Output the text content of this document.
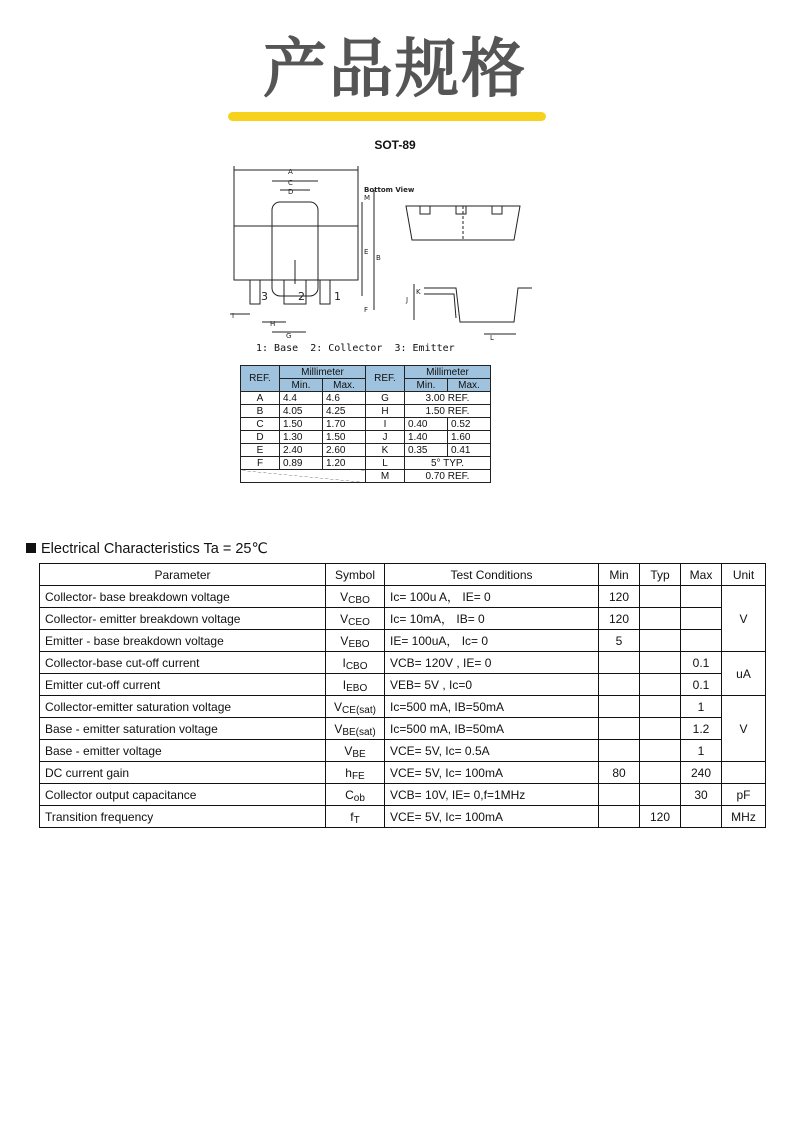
产品规格
SOT-89
A
C
D
B
E
M
F
G
H
I
J
K
L
Bottom View
3	2	1
1: Base 2: Collector 3: Emitter
REF.	Millimeter		REF.	Millimeter	
	Min.	Max.		Min.	Max.
A	4.4	4.6	G	3.00 REF.	
B	4.05	4.25	H	1.50 REF.	
C	1.50	1.70	I	0.40	0.52
D	1.30	1.50	J	1.40	1.60
E	2.40	2.60	K	0.35	0.41
F	0.89	1.20	L	5° TYP.	
			M	0.70 REF.	
Electrical Characteristics Ta = 25℃
Parameter	Symbol	Test Conditions	Min	Typ	Max	Unit
Collector- base breakdown voltage	$V_{CBO}$	Ic= 100u A， IE= 0	120			V
Collector- emitter breakdown voltage	$V_{CEO}$	Ic= 10mA， IB= 0	120			
Emitter - base breakdown voltage	$V_{EBO}$	IE= 100uA， Ic= 0	5			
Collector-base cut-off current	$I_{CBO}$	VCB= 120V , IE= 0			0.1	uA
Emitter cut-off current	$I_{EBO}$	VEB= 5V , Ic=0			0.1	
Collector-emitter saturation voltage	$V_{CE(sat)}$	Ic=500 mA, IB=50mA			1	V
Base - emitter saturation voltage	$V_{BE(sat)}$	Ic=500 mA, IB=50mA			1.2	
Base - emitter voltage	$V_{BE}$	VCE= 5V, Ic= 0.5A			1	
DC current gain	$h_{FE}$	VCE= 5V, Ic= 100mA	80		240	
Collector output capacitance	$C_{ob}$	VCB= 10V, IE= 0,f=1MHz			30	pF
Transition frequency	$f_T$	VCE= 5V, Ic= 100mA		120		MHz
